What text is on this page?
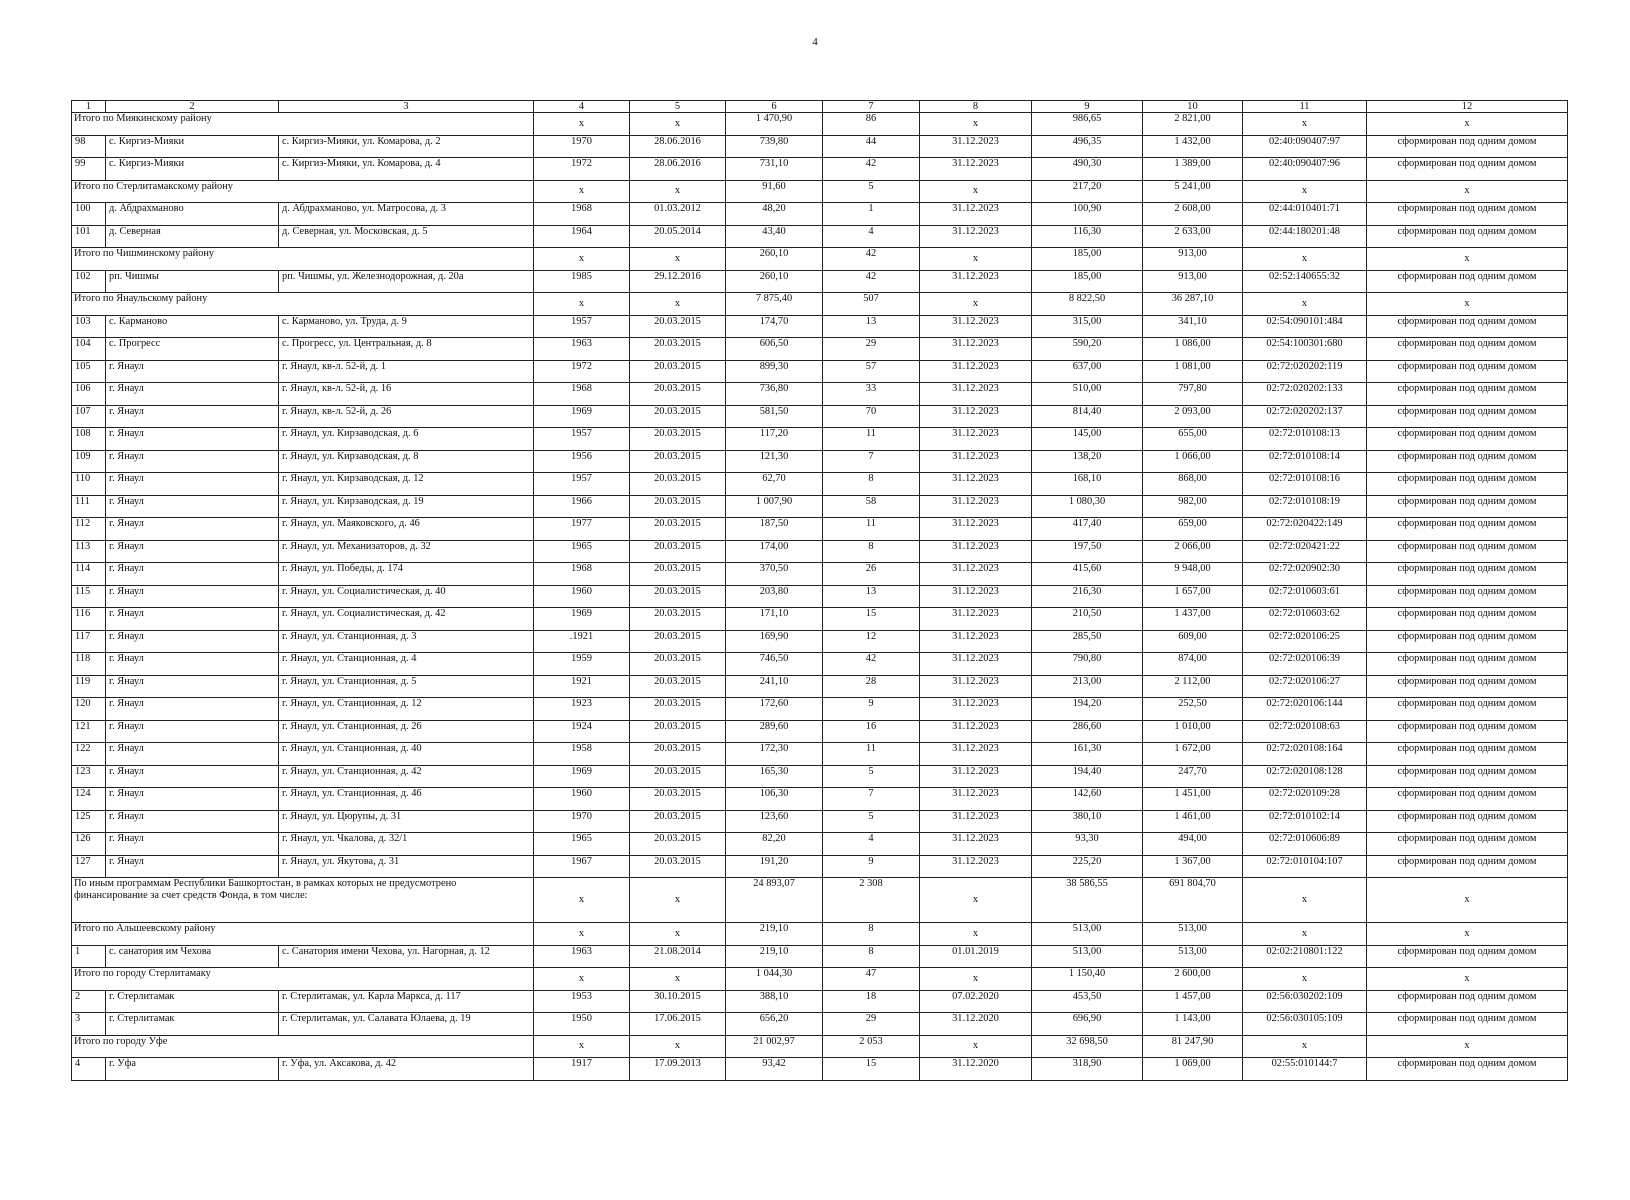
4
1	2	3	4	5	6	7	8	9	10	11	12
Итого по Миякинскому району			x	x	1 470,90	86	x	986,65	2 821,00	x	x
98	с. Киргиз-Мияки	с. Киргиз-Мияки, ул. Комарова, д. 2	1970	28.06.2016	739,80	44	31.12.2023	496,35	1 432,00	02:40:090407:97	сформирован под одним домом
99	с. Киргиз-Мияки	с. Киргиз-Мияки, ул. Комарова, д. 4	1972	28.06.2016	731,10	42	31.12.2023	490,30	1 389,00	02:40:090407:96	сформирован под одним домом
Итого по Стерлитамакскому району			x	x	91,60	5	x	217,20	5 241,00	x	x
100	д. Абдрахманово	д. Абдрахманово, ул. Матросова, д. 3	1968	01.03.2012	48,20	1	31.12.2023	100,90	2 608,00	02:44:010401:71	сформирован под одним домом
101	д. Северная	д. Северная, ул. Московская, д. 5	1964	20.05.2014	43,40	4	31.12.2023	116,30	2 633,00	02:44:180201:48	сформирован под одним домом
Итого по Чишминскому району			x	x	260,10	42	x	185,00	913,00	x	x
102	рп. Чишмы	рп. Чишмы, ул. Железнодорожная, д. 20а	1985	29.12.2016	260,10	42	31.12.2023	185,00	913,00	02:52:140655:32	сформирован под одним домом
Итого по Янаульскому району			x	x	7 875,40	507	x	8 822,50	36 287,10	x	x
103	с. Карманово	с. Карманово, ул. Труда, д. 9	1957	20.03.2015	174,70	13	31.12.2023	315,00	341,10	02:54:090101:484	сформирован под одним домом
104	с. Прогресс	с. Прогресс, ул. Центральная, д. 8	1963	20.03.2015	606,50	29	31.12.2023	590,20	1 086,00	02:54:100301:680	сформирован под одним домом
105	г. Янаул	г. Янаул, кв-л. 52-й, д. 1	1972	20.03.2015	899,30	57	31.12.2023	637,00	1 081,00	02:72:020202:119	сформирован под одним домом
106	г. Янаул	г. Янаул, кв-л. 52-й, д. 16	1968	20.03.2015	736,80	33	31.12.2023	510,00	797,80	02:72:020202:133	сформирован под одним домом
107	г. Янаул	г. Янаул, кв-л. 52-й, д. 26	1969	20.03.2015	581,50	70	31.12.2023	814,40	2 093,00	02:72:020202:137	сформирован под одним домом
108	г. Янаул	г. Янаул, ул. Кирзаводская, д. 6	1957	20.03.2015	117,20	11	31.12.2023	145,00	655,00	02:72:010108:13	сформирован под одним домом
109	г. Янаул	г. Янаул, ул. Кирзаводская, д. 8	1956	20.03.2015	121,30	7	31.12.2023	138,20	1 066,00	02:72:010108:14	сформирован под одним домом
110	г. Янаул	г. Янаул, ул. Кирзаводская, д. 12	1957	20.03.2015	62,70	8	31.12.2023	168,10	868,00	02:72:010108:16	сформирован под одним домом
111	г. Янаул	г. Янаул, ул. Кирзаводская, д. 19	1966	20.03.2015	1 007,90	58	31.12.2023	1 080,30	982,00	02:72:010108:19	сформирован под одним домом
112	г. Янаул	г. Янаул, ул. Маяковского, д. 46	1977	20.03.2015	187,50	11	31.12.2023	417,40	659,00	02:72:020422:149	сформирован под одним домом
113	г. Янаул	г. Янаул, ул. Механизаторов, д. 32	1965	20.03.2015	174,00	8	31.12.2023	197,50	2 066,00	02:72:020421:22	сформирован под одним домом
114	г. Янаул	г. Янаул, ул. Победы, д. 174	1968	20.03.2015	370,50	26	31.12.2023	415,60	9 948,00	02:72:020902:30	сформирован под одним домом
115	г. Янаул	г. Янаул, ул. Социалистическая, д. 40	1960	20.03.2015	203,80	13	31.12.2023	216,30	1 657,00	02:72:010603:61	сформирован под одним домом
116	г. Янаул	г. Янаул, ул. Социалистическая, д. 42	1969	20.03.2015	171,10	15	31.12.2023	210,50	1 437,00	02:72:010603:62	сформирован под одним домом
117	г. Янаул	г. Янаул, ул. Станционная, д. 3	.1921	20.03.2015	169,90	12	31.12.2023	285,50	609,00	02:72:020106:25	сформирован под одним домом
118	г. Янаул	г. Янаул, ул. Станционная, д. 4	1959	20.03.2015	746,50	42	31.12.2023	790,80	874,00	02:72:020106:39	сформирован под одним домом
119	г. Янаул	г. Янаул, ул. Станционная, д. 5	1921	20.03.2015	241,10	28	31.12.2023	213,00	2 112,00	02:72:020106:27	сформирован под одним домом
120	г. Янаул	г. Янаул, ул. Станционная, д. 12	1923	20.03.2015	172,60	9	31.12.2023	194,20	252,50	02:72:020106:144	сформирован под одним домом
121	г. Янаул	г. Янаул, ул. Станционная, д. 26	1924	20.03.2015	289,60	16	31.12.2023	286,60	1 010,00	02:72:020108:63	сформирован под одним домом
122	г. Янаул	г. Янаул, ул. Станционная, д. 40	1958	20.03.2015	172,30	11	31.12.2023	161,30	1 672,00	02:72:020108:164	сформирован под одним домом
123	г. Янаул	г. Янаул, ул. Станционная, д. 42	1969	20.03.2015	165,30	5	31.12.2023	194,40	247,70	02:72:020108:128	сформирован под одним домом
124	г. Янаул	г. Янаул, ул. Станционная, д. 46	1960	20.03.2015	106,30	7	31.12.2023	142,60	1 451,00	02:72:020109:28	сформирован под одним домом
125	г. Янаул	г. Янаул, ул. Цюрупы, д. 31	1970	20.03.2015	123,60	5	31.12.2023	380,10	1 461,00	02:72:010102:14	сформирован под одним домом
126	г. Янаул	г. Янаул, ул. Чкалова, д. 32/1	1965	20.03.2015	82,20	4	31.12.2023	93,30	494,00	02:72:010606:89	сформирован под одним домом
127	г. Янаул	г. Янаул, ул. Якутова, д. 31	1967	20.03.2015	191,20	9	31.12.2023	225,20	1 367,00	02:72:010104:107	сформирован под одним домом
По иным программам Республики Башкортостан, в рамках которых не предусмотрено финансирование за счет средств Фонда, в том числе:			x	x	24 893,07	2 308	x	38 586,55	691 804,70	x	x
Итого по Альшеевскому району			x	x	219,10	8	x	513,00	513,00	x	x
1	с. санатория им Чехова	с. Санатория имени Чехова, ул. Нагорная, д. 12	1963	21.08.2014	219,10	8	01.01.2019	513,00	513,00	02:02:210801:122	сформирован под одним домом
Итого по городу Стерлитамаку			x	x	1 044,30	47	x	1 150,40	2 600,00	x	x
2	г. Стерлитамак	г. Стерлитамак, ул. Карла Маркса, д. 117	1953	30.10.2015	388,10	18	07.02.2020	453,50	1 457,00	02:56:030202:109	сформирован под одним домом
3	г. Стерлитамак	г. Стерлитамак, ул. Салавата Юлаева, д. 19	1950	17.06.2015	656,20	29	31.12.2020	696,90	1 143,00	02:56:030105:109	сформирован под одним домом
Итого по городу Уфе			x	x	21 002,97	2 053	x	32 698,50	81 247,90	x	x
4	г. Уфа	г. Уфа, ул. Аксакова, д. 42	1917	17.09.2013	93,42	15	31.12.2020	318,90	1 069,00	02:55:010144:7	сформирован под одним домом
